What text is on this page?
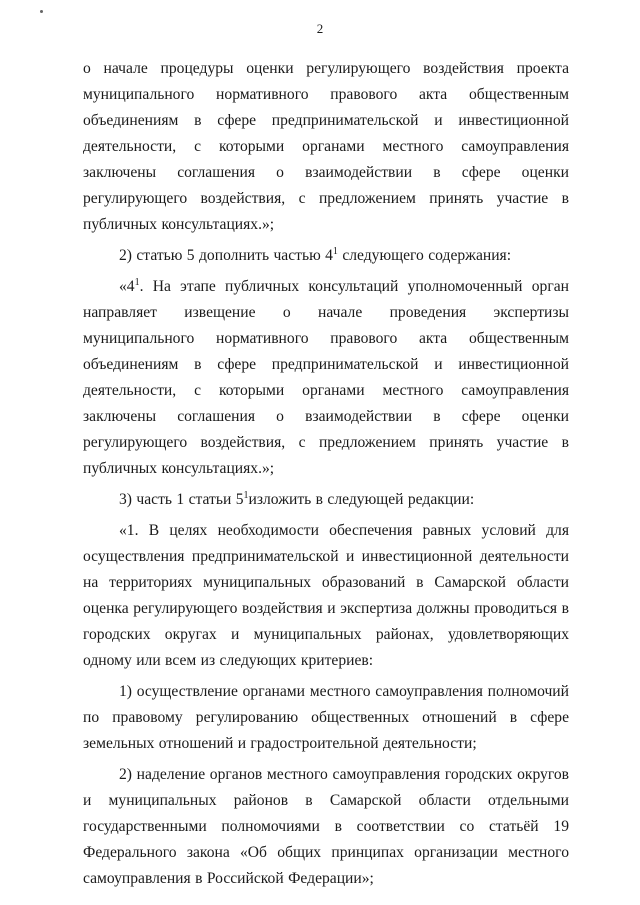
2

о начале процедуры оценки регулирующего воздействия проекта муниципального нормативного правового акта общественным объединениям в сфере предпринимательской и инвестиционной деятельности, с которыми органами местного самоуправления заключены соглашения о взаимодействии в сфере оценки регулирующего воздействия, с предложением принять участие в публичных консультациях.»;

2) статью 5 дополнить частью $4^1$ следующего содержания:

«$4^1$. На этапе публичных консультаций уполномоченный орган направляет извещение о начале проведения экспертизы муниципального нормативного правового акта общественным объединениям в сфере предпринимательской и инвестиционной деятельности, с которыми органами местного самоуправления заключены соглашения о взаимодействии в сфере оценки регулирующего воздействия, с предложением принять участие в публичных консультациях.»;

3) часть 1 статьи $5^1изложить$ в следующей редакции:

«1. В целях необходимости обеспечения равных условий для осуществления предпринимательской и инвестиционной деятельности на территориях муниципальных образований в Самарской области оценка регулирующего воздействия и экспертиза должны проводиться в городских округах и муниципальных районах, удовлетворяющих одному или всем из следующих критериев:

1) осуществление органами местного самоуправления полномочий по правовому регулированию общественных отношений в сфере земельных отношений и градостроительной деятельности;

2) наделение органов местного самоуправления городских округов и муниципальных районов в Самарской области отдельными государственными полномочиями в соответствии со статьёй 19 Федерального закона «Об общих принципах организации местного самоуправления в Российской Федерации»;
